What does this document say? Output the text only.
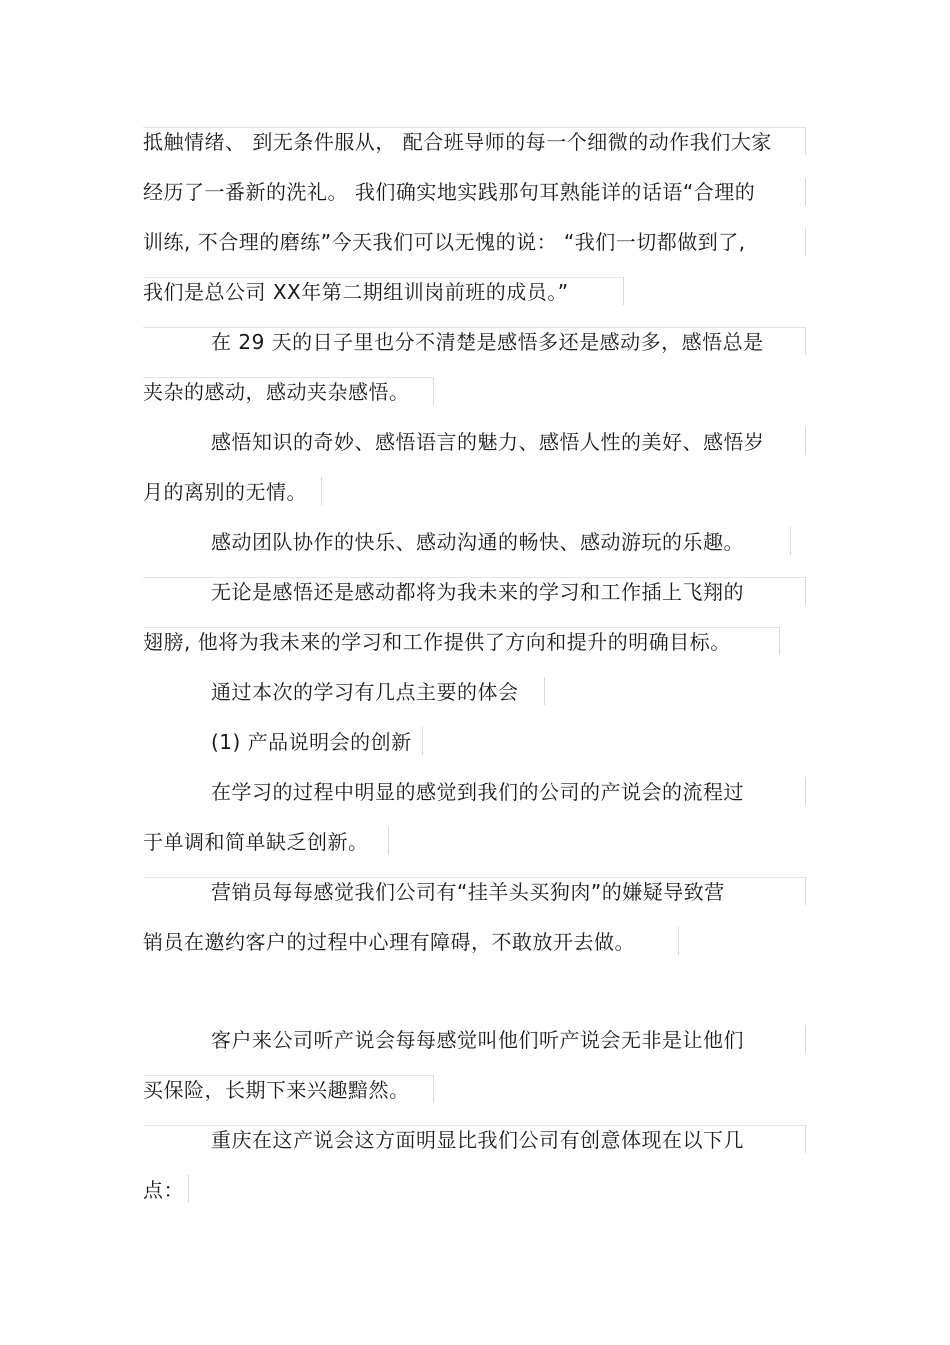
抵触情绪、 到无条件服从， 配合班导师的每一个细微的动作我们大家
经历了一番新的洗礼。 我们确实地实践那句耳熟能详的话语“合理的
训练, 不合理的磨练”今天我们可以无愧的说： “我们一切都做到了,
我们是总公司 XX年第二期组训岗前班的成员。”
在 29 天的日子里也分不清楚是感悟多还是感动多，感悟总是
夹杂的感动，感动夹杂感悟。
感悟知识的奇妙、感悟语言的魅力、感悟人性的美好、感悟岁
月的离别的无情。
感动团队协作的快乐、感动沟通的畅快、感动游玩的乐趣。
无论是感悟还是感动都将为我未来的学习和工作插上飞翔的
翅膀, 他将为我未来的学习和工作提供了方向和提升的明确目标。
通过本次的学习有几点主要的体会
(1) 产品说明会的创新
在学习的过程中明显的感觉到我们的公司的产说会的流程过
于单调和简单缺乏创新。
营销员每每感觉我们公司有“挂羊头买狗肉”的嫌疑导致营
销员在邀约客户的过程中心理有障碍，不敢放开去做。
客户来公司听产说会每每感觉叫他们听产说会无非是让他们
买保险，长期下来兴趣黯然。
重庆在这产说会这方面明显比我们公司有创意体现在以下几
点：
